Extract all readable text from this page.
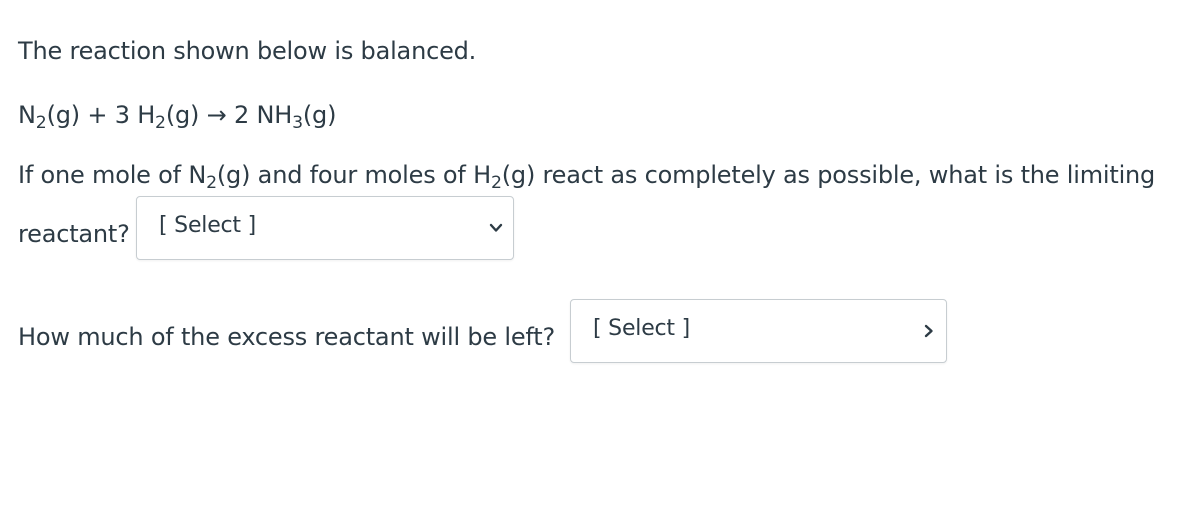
The reaction shown below is balanced.
$N_2(g) + 3$ $H_2(g) \to 2$ $NH_3(g)$
If one mole of $N_2(g)$ and four moles of $H_2(g)$ react as completely as possible, what is the limiting
reactant? [ Select ]
How much of the excess reactant will be left? [ Select ]
